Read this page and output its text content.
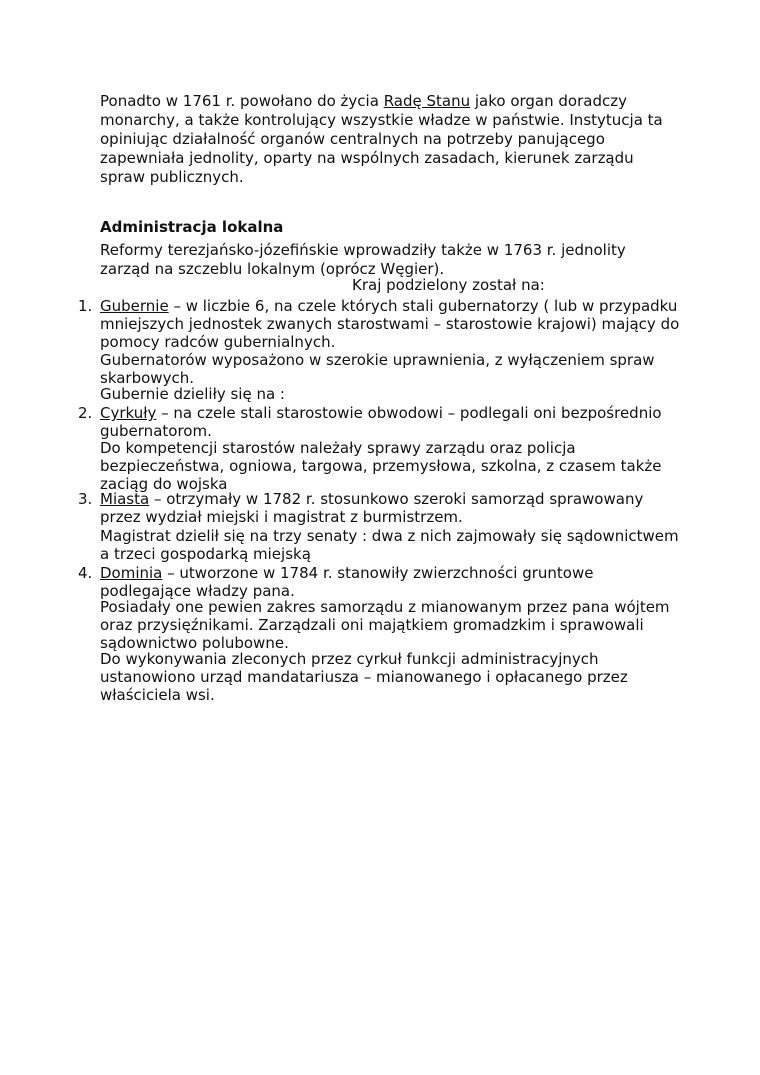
Ponadto w 1761 r. powołano do życia Radę Stanu jako organ doradczy monarchy, a także kontrolujący wszystkie władze w państwie. Instytucja ta opiniując działalność organów centralnych na potrzeby panującego zapewniała jednolity, oparty na wspólnych zasadach, kierunek zarządu spraw publicznych.

Administracja lokalna

Reformy terezjańsko-józefińskie wprowadziły także w 1763 r. jednolity zarząd na szczeblu lokalnym (oprócz Węgier).

Kraj podzielony został na:

1. Gubernie – w liczbie 6, na czele których stali gubernatorzy ( lub w przypadku mniejszych jednostek zwanych starostwami – starostowie krajowi) mający do pomocy radców gubernialnych.

Gubernatorów wyposażono w szerokie uprawnienia, z wyłączeniem spraw skarbowych.

Gubernie dzieliły się na :

2. Cyrkuły – na czele stali starostowie obwodowi – podlegali oni bezpośrednio gubernatorom.

Do kompetencji starostów należały sprawy zarządu oraz policja bezpieczeństwa, ogniowa, targowa, przemysłowa, szkolna, z czasem także zaciąg do wojska

3. Miasta – otrzymały w 1782 r. stosunkowo szeroki samorząd sprawowany przez wydział miejski i magistrat z burmistrzem.

Magistrat dzielił się na trzy senaty : dwa z nich zajmowały się sądownictwem a trzeci gospodarką miejską

4. Dominia – utworzone w 1784 r. stanowiły zwierzchności gruntowe podlegające władzy pana.

Posiadały one pewien zakres samorządu z mianowanym przez pana wójtem oraz przysięźnikami. Zarządzali oni majątkiem gromadzkim i sprawowali sądownictwo polubowne.

Do wykonywania zleconych przez cyrkuł funkcji administracyjnych ustanowiono urząd mandatariusza – mianowanego i opłacanego przez właściciela wsi.
